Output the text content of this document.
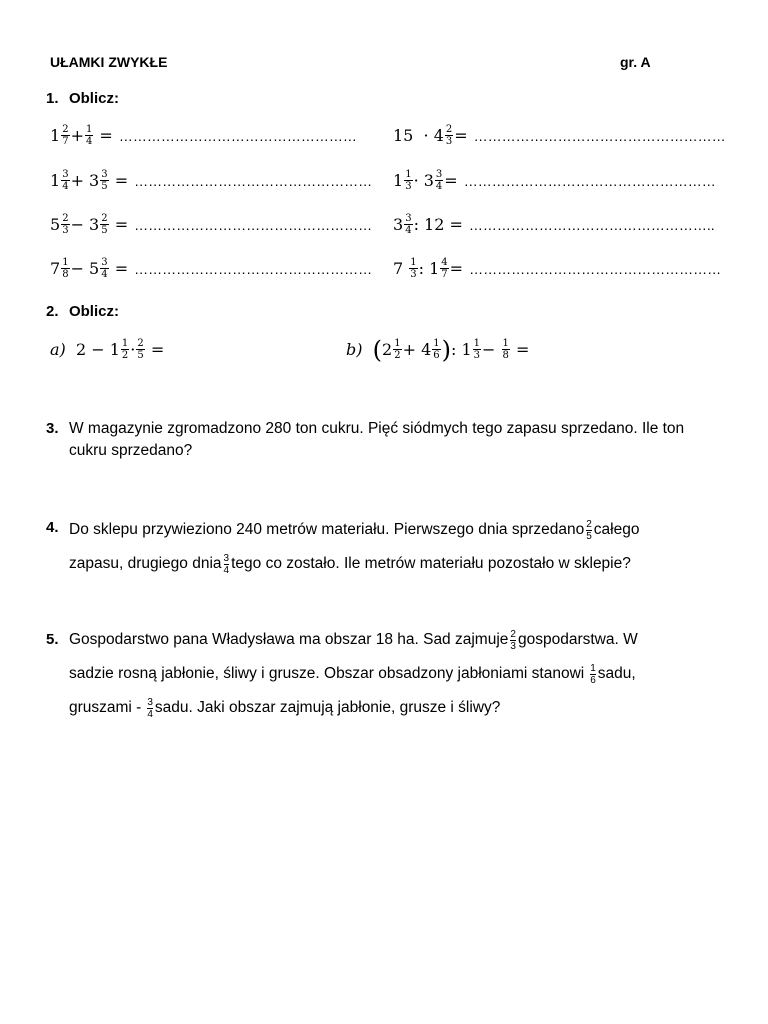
UŁAMKI ZWYKŁE	gr. A
1. Oblicz:
$1 \frac{2}{7} + \frac{1}{4}$ = …………………………………………… $15 \cdot 4 \frac{2}{3}$ = ………………………………………………
$1 \frac{3}{4} + 3 \frac{3}{5}$ = …………………………………………… $1 \frac{1}{3} \cdot 3 \frac{3}{4}$ = ………………………………………………
$5 \frac{2}{3} - 3 \frac{2}{5}$ = …………………………………………… $3 \frac{3}{4}$ : 12 = ……………………………………………..
$7 \frac{1}{8} - 5 \frac{3}{4}$ = …………………………………………… $7 \frac{1}{3}$ : $1 \frac{4}{7}$ = ………………………………………………
2. Oblicz:
a) $2 - 1 \frac{1}{2} \cdot \frac{2}{5}$ =	b)
( $2 \frac{1}{2} + 4 \frac{1}{6}$ ) : $1 \frac{1}{3} - \frac{1}{8}$ =
3. W magazynie zgromadzono 280 ton cukru. Pięć siódmych tego zapasu sprzedano. Ile ton
cukru sprzedano?
4. Do sklepu przywieziono 240 metrów materiału. Pierwszego dnia sprzedano $\frac{2}{5}$ całego
zapasu, drugiego dnia $\frac{3}{4}$ tego co zostało. Ile metrów materiału pozostało w sklepie?
5. Gospodarstwo pana Władysława ma obszar 18 ha. Sad zajmuje $\frac{2}{3}$ gospodarstwa. W
sadzie rosną jabłonie, śliwy i grusze. Obszar obsadzony jabłoniami stanowi $\frac{1}{6}$ sadu,
gruszami - $\frac{3}{4}$ sadu. Jaki obszar zajmują jabłonie, grusze i śliwy?
